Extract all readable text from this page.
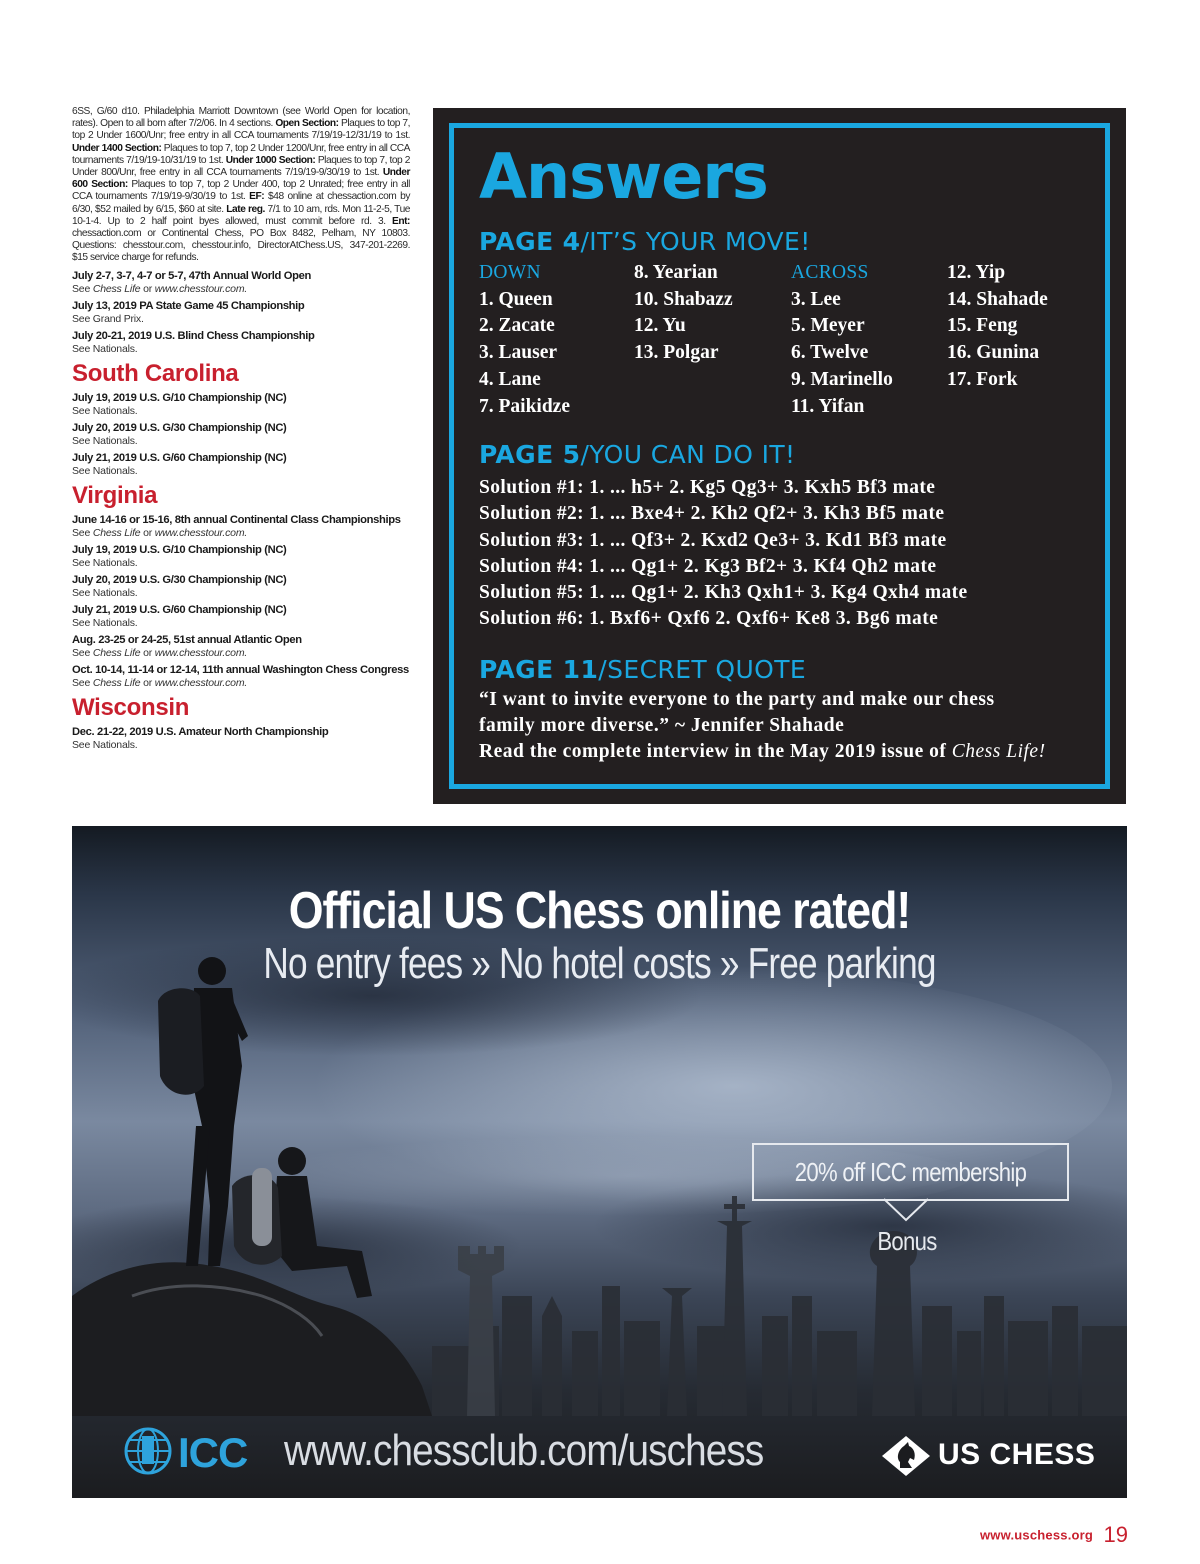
6SS, G/60 d10. Philadelphia Marriott Downtown (see World Open for location, rates). Open to all born after 7/2/06. In 4 sections. Open Section: Plaques to top 7, top 2 Under 1600/Unr; free entry in all CCA tournaments 7/19/19-12/31/19 to 1st. Under 1400 Section: Plaques to top 7, top 2 Under 1200/Unr, free entry in all CCA tournaments 7/19/19-10/31/19 to 1st. Under 1000 Section: Plaques to top 7, top 2 Under 800/Unr, free entry in all CCA tournaments 7/19/19-9/30/19 to 1st. Under 600 Section: Plaques to top 7, top 2 Under 400, top 2 Unrated; free entry in all CCA tournaments 7/19/19-9/30/19 to 1st. EF: $48 online at chessaction.com by 6/30, $52 mailed by 6/15, $60 at site. Late reg. 7/1 to 10 am, rds. Mon 11-2-5, Tue 10-1-4. Up to 2 half point byes allowed, must commit before rd. 3. Ent: chessaction.com or Continental Chess, PO Box 8482, Pelham, NY 10803. Questions: chesstour.com, chesstour.info, DirectorAtChess.US, 347-201-2269. $15 service charge for refunds.
July 2-7, 3-7, 4-7 or 5-7, 47th Annual World Open
See Chess Life or www.chesstour.com.
July 13, 2019 PA State Game 45 Championship
See Grand Prix.
July 20-21, 2019 U.S. Blind Chess Championship
See Nationals.
South Carolina
July 19, 2019 U.S. G/10 Championship (NC)
See Nationals.
July 20, 2019 U.S. G/30 Championship (NC)
See Nationals.
July 21, 2019 U.S. G/60 Championship (NC)
See Nationals.
Virginia
June 14-16 or 15-16, 8th annual Continental Class Championships
See Chess Life or www.chesstour.com.
July 19, 2019 U.S. G/10 Championship (NC)
See Nationals.
July 20, 2019 U.S. G/30 Championship (NC)
See Nationals.
July 21, 2019 U.S. G/60 Championship (NC)
See Nationals.
Aug. 23-25 or 24-25, 51st annual Atlantic Open
See Chess Life or www.chesstour.com.
Oct. 10-14, 11-14 or 12-14, 11th annual Washington Chess Congress
See Chess Life or www.chesstour.com.
Wisconsin
Dec. 21-22, 2019 U.S. Amateur North Championship
See Nationals.
Answers
PAGE 4/IT’S YOUR MOVE!
DOWN
1. Queen
2. Zacate
3. Lauser
4. Lane
7. Paikidze
8. Yearian
10. Shabazz
12. Yu
13. Polgar
ACROSS
3. Lee
5. Meyer
6. Twelve
9. Marinello
11. Yifan
12. Yip
14. Shahade
15. Feng
16. Gunina
17. Fork
PAGE 5/YOU CAN DO IT!
Solution #1: 1. ... h5+ 2. Kg5 Qg3+ 3. Kxh5 Bf3 mate
Solution #2: 1. ... Bxe4+ 2. Kh2 Qf2+ 3. Kh3 Bf5 mate
Solution #3: 1. ... Qf3+ 2. Kxd2 Qe3+ 3. Kd1 Bf3 mate
Solution #4: 1. ... Qg1+ 2. Kg3 Bf2+ 3. Kf4 Qh2 mate
Solution #5: 1. ... Qg1+ 2. Kh3 Qxh1+ 3. Kg4 Qxh4 mate
Solution #6: 1. Bxf6+ Qxf6 2. Qxf6+ Ke8 3. Bg6 mate
PAGE 11/SECRET QUOTE
“I want to invite everyone to the party and make our chess
family more diverse.” ~ Jennifer Shahade
Read the complete interview in the May 2019 issue of Chess Life!
Official US Chess online rated!
No entry fees » No hotel costs » Free parking
20% off ICC membership
Bonus
ICC www.chessclub.com/uschess	US CHESS
www.uschess.org 19
